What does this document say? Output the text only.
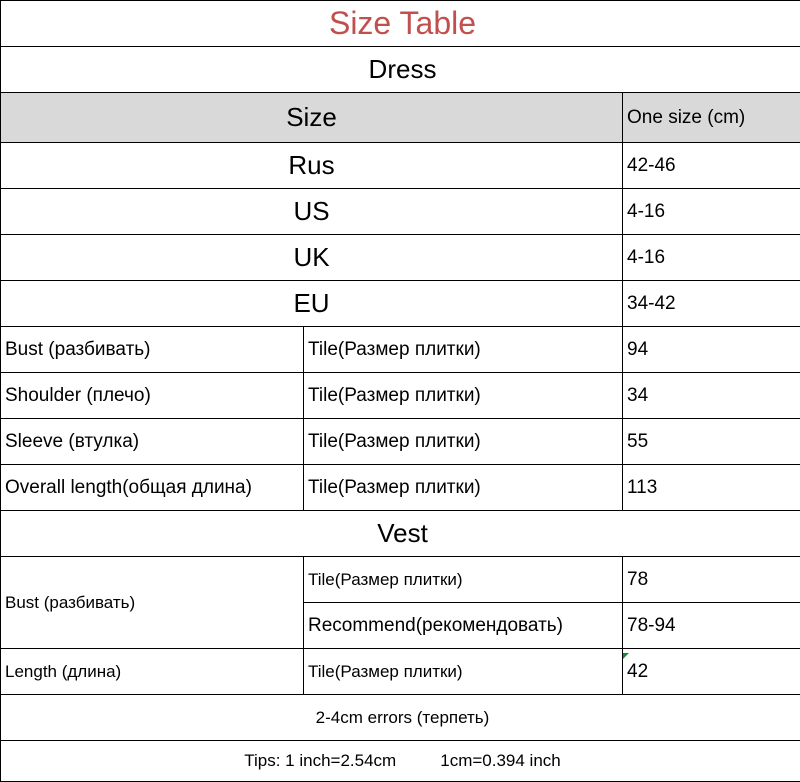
Size Table		
Dress		
Size		One size (cm)
Rus		42-46
US		4-16
UK		4-16
EU		34-42
Bust (разбивать)	Tile(Размер плитки)	94
Shoulder (плечо)	Tile(Размер плитки)	34
Sleeve (втулка)	Tile(Размер плитки)	55
Overall length(общая длина)	Tile(Размер плитки)	113
Vest		
Bust (разбивать)	Tile(Размер плитки)	78
	Recommend(рекомендовать)	78-94
Length (длина)	Tile(Размер плитки)	42
2-4cm errors (терпеть)		
Tips: 1 inch=2.54cm 1cm=0.394 inch		
